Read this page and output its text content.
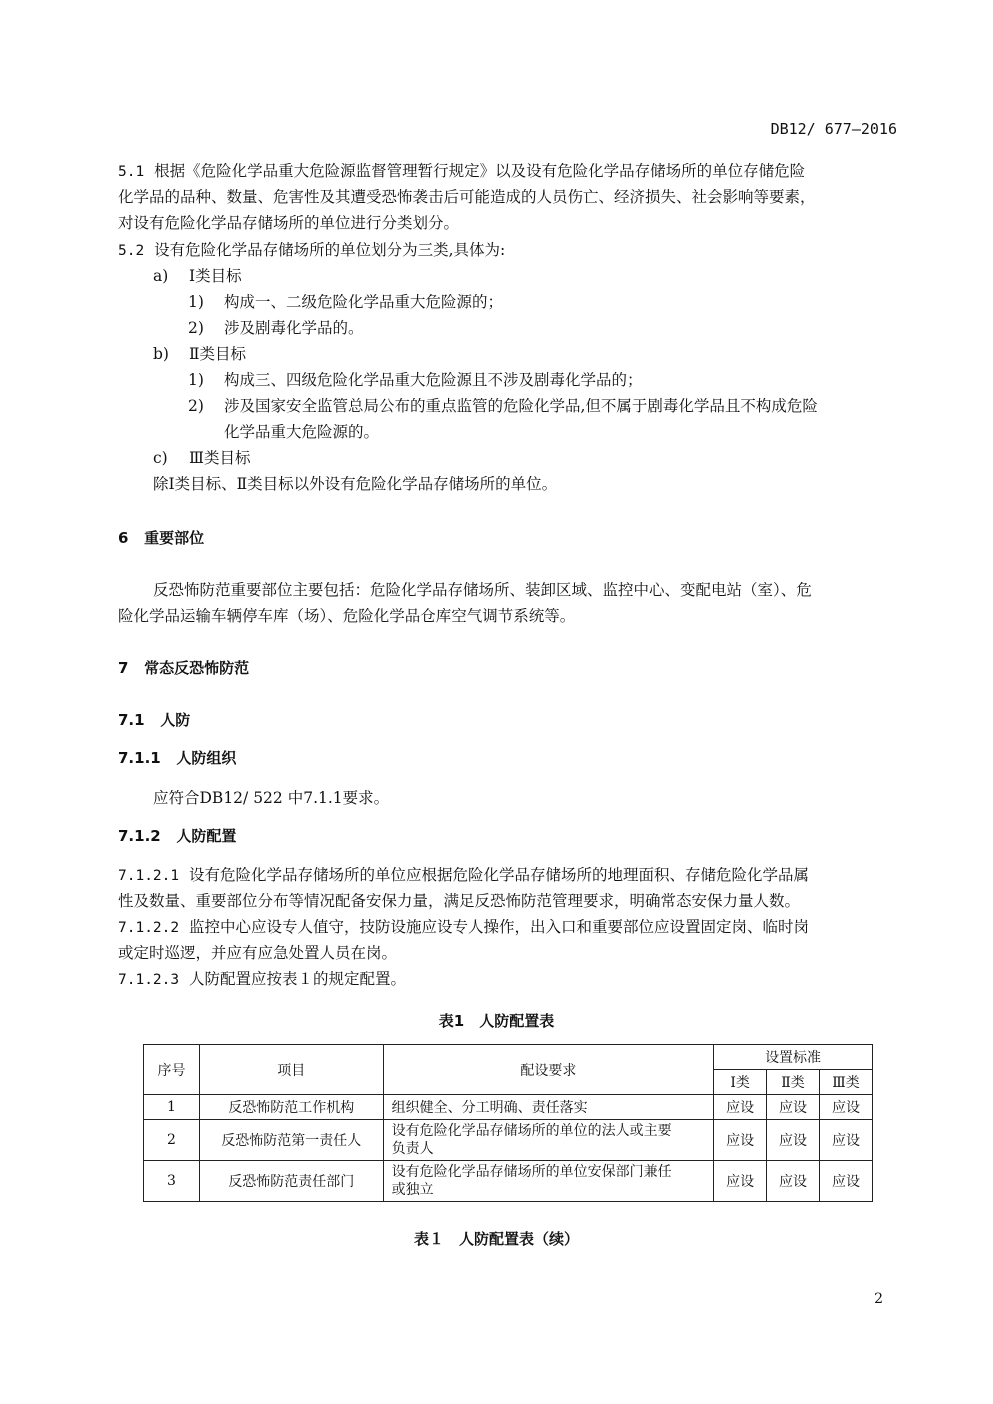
DB12/ 677—2016
5.1 根据《危险化学品重大危险源监督管理暂行规定》以及设有危险化学品存储场所的单位存储危险
化学品的品种、数量、危害性及其遭受恐怖袭击后可能造成的人员伤亡、经济损失、社会影响等要素，
对设有危险化学品存储场所的单位进行分类划分。
5.2 设有危险化学品存储场所的单位划分为三类,具体为:
a) Ⅰ类目标
1) 构成一、二级危险化学品重大危险源的；
2) 涉及剧毒化学品的。
b) Ⅱ类目标
1) 构成三、四级危险化学品重大危险源且不涉及剧毒化学品的；
2) 涉及国家安全监管总局公布的重点监管的危险化学品,但不属于剧毒化学品且不构成危险
化学品重大危险源的。
c) Ⅲ类目标
除Ⅰ类目标、Ⅱ类目标以外设有危险化学品存储场所的单位。
6 重要部位
反恐怖防范重要部位主要包括：危险化学品存储场所、装卸区域、监控中心、变配电站（室）、危
险化学品运输车辆停车库（场）、危险化学品仓库空气调节系统等。
7 常态反恐怖防范
7.1 人防
7.1.1 人防组织
应符合DB12/ 522 中7.1.1要求。
7.1.2 人防配置
7.1.2.1 设有危险化学品存储场所的单位应根据危险化学品存储场所的地理面积、存储危险化学品属
性及数量、重要部位分布等情况配备安保力量，满足反恐怖防范管理要求，明确常态安保力量人数。
7.1.2.2 监控中心应设专人值守，技防设施应设专人操作，出入口和重要部位应设置固定岗、临时岗
或定时巡逻，并应有应急处置人员在岗。
7.1.2.3 人防配置应按表１的规定配置。
表1　人防配置表
序号	项目	配设要求	设置标准		
			Ⅰ类	Ⅱ类	Ⅲ类
1	反恐怖防范工作机构	组织健全、分工明确、责任落实	应设	应设	应设
2	反恐怖防范第一责任人	设有危险化学品存储场所的单位的法人或主要
负责人	应设	应设	应设
3	反恐怖防范责任部门	设有危险化学品存储场所的单位安保部门兼任
或独立	应设	应设	应设
表１　人防配置表（续）
2
